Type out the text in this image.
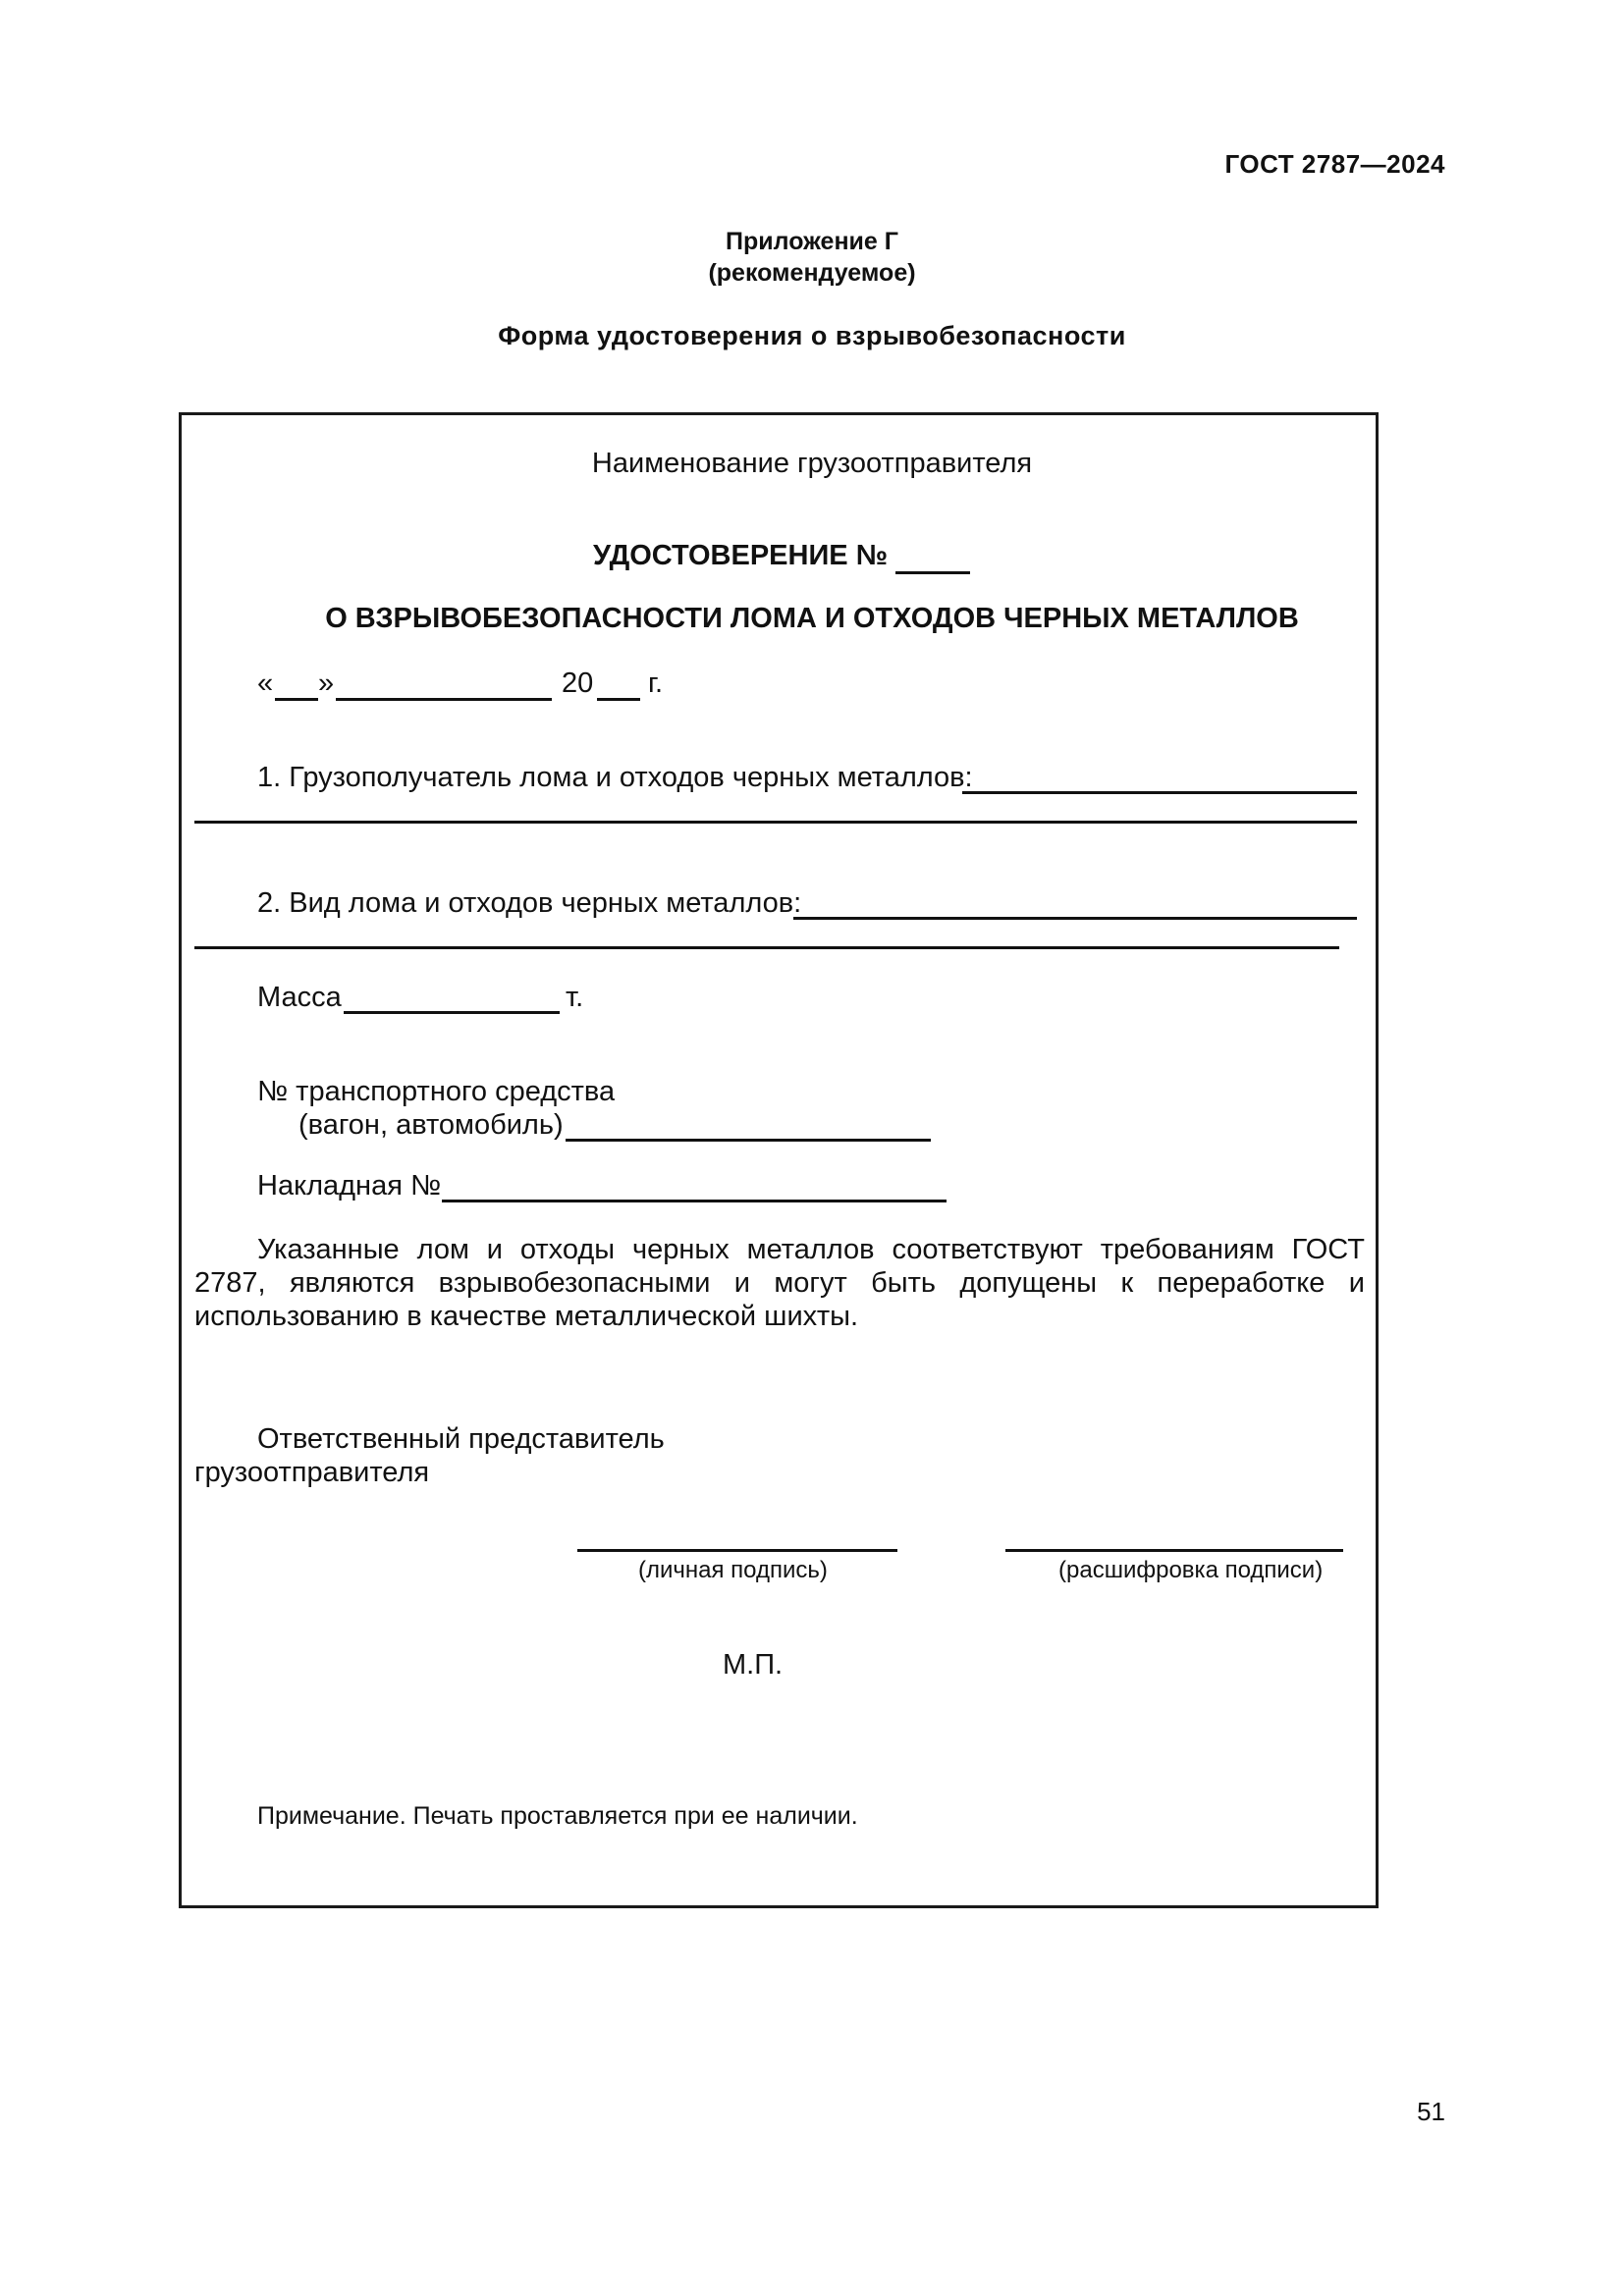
ГОСТ 2787—2024
Приложение Г
(рекомендуемое)
Форма удостоверения о взрывобезопасности
Наименование грузоотправителя
УДОСТОВЕРЕНИЕ №
О ВЗРЫВОБЕЗОПАСНОСТИ ЛОМА И ОТХОДОВ ЧЕРНЫХ МЕТАЛЛОВ
« »	20 г.
1. Грузополучатель лома и отходов черных металлов:
2. Вид лома и отходов черных металлов:
Масса	т.
№ транспортного средства
(вагон, автомобиль)
Накладная №
Указанные лом и отходы черных металлов соответствуют требованиям ГОСТ 2787, являются взрывобезопасными и могут быть допущены к переработке и использованию в качестве металлической шихты.
Ответственный представитель
грузоотправителя
(личная подпись)	(расшифровка подписи)
М.П.
Примечание. Печать проставляется при ее наличии.
51
